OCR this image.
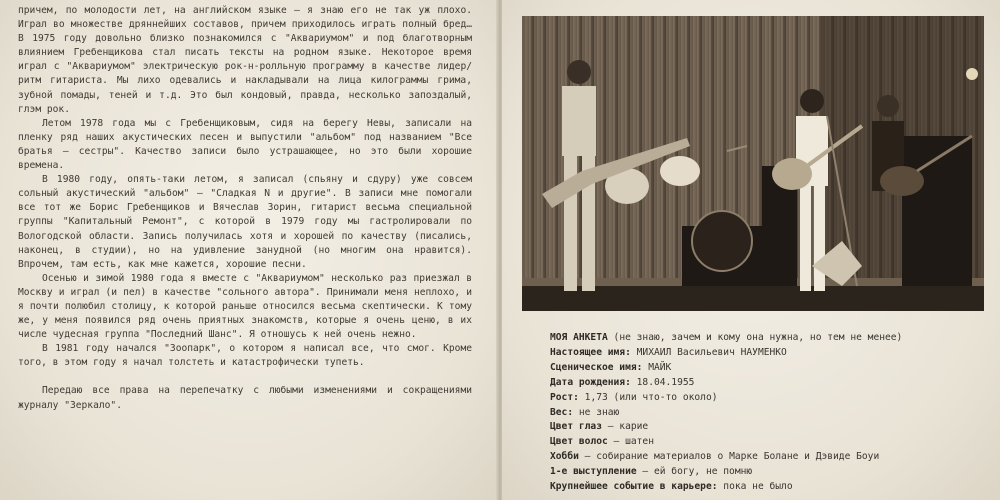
причем, по молодости лет, на английском языке – я знаю его не так уж плохо. Играл во множестве дряннейших составов, причем приходилось играть полный бред… В 1975 году довольно близко познакомился с "Аквариумом" и под благотворным влиянием Гребенщикова стал писать тексты на родном языке. Некоторое время играл с "Аквариумом" электрическую рок-н-ролльную программу в качестве лидер/ритм гитариста. Мы лихо одевались и накладывали на лица килограммы грима, зубной помады, теней и т.д. Это был кондовый, правда, несколько запоздалый, глэм рок.

Летом 1978 года мы с Гребенщиковым, сидя на берегу Невы, записали на пленку ряд наших акустических песен и выпустили "альбом" под названием "Все братья – сестры". Качество записи было устрашающее, но это были хорошие времена.

В 1980 году, опять-таки летом, я записал (спьяну и сдуру) уже совсем сольный акустический "альбом" – "Сладкая N и другие". В записи мне помогали все тот же Борис Гребенщиков и Вячеслав Зорин, гитарист весьма специальной группы "Капитальный Ремонт", с которой в 1979 году мы гастролировали по Вологодской области. Запись получилась хотя и хорошей по качеству (писались, наконец, в студии), но на удивление занудной (но многим она нравится). Впрочем, там есть, как мне кажется, хорошие песни.

Осенью и зимой 1980 года я вместе с "Аквариумом" несколько раз приезжал в Москву и играл (и пел) в качестве "сольного автора". Принимали меня неплохо, и я почти полюбил столицу, к которой раньше относился весьма скептически. К тому же, у меня появился ряд очень приятных знакомств, которые я очень ценю, в их числе чудесная группа "Последний Шанс". Я отношусь к ней очень нежно.

В 1981 году начался "Зоопарк", о котором я написал все, что смог. Кроме того, в этом году я начал толстеть и катастрофически тупеть.

Передаю все права на перепечатку с любыми изменениями и сокращениями журналу "Зеркало".

МОЯ АНКЕТА (не знаю, зачем и кому она нужна, но тем не менее)
Настоящее имя: МИХАИЛ Васильевич НАУМЕНКО
Сценическое имя: МАЙК
Дата рождения: 18.04.1955
Рост: 1,73 (или что-то около)
Вес: не знаю
Цвет глаз – карие
Цвет волос – шатен
Хобби – собирание материалов о Марке Болане и Дэвиде Боуи
1-е выступление – ей богу, не помню
Крупнейшее событие в карьере: пока не было
